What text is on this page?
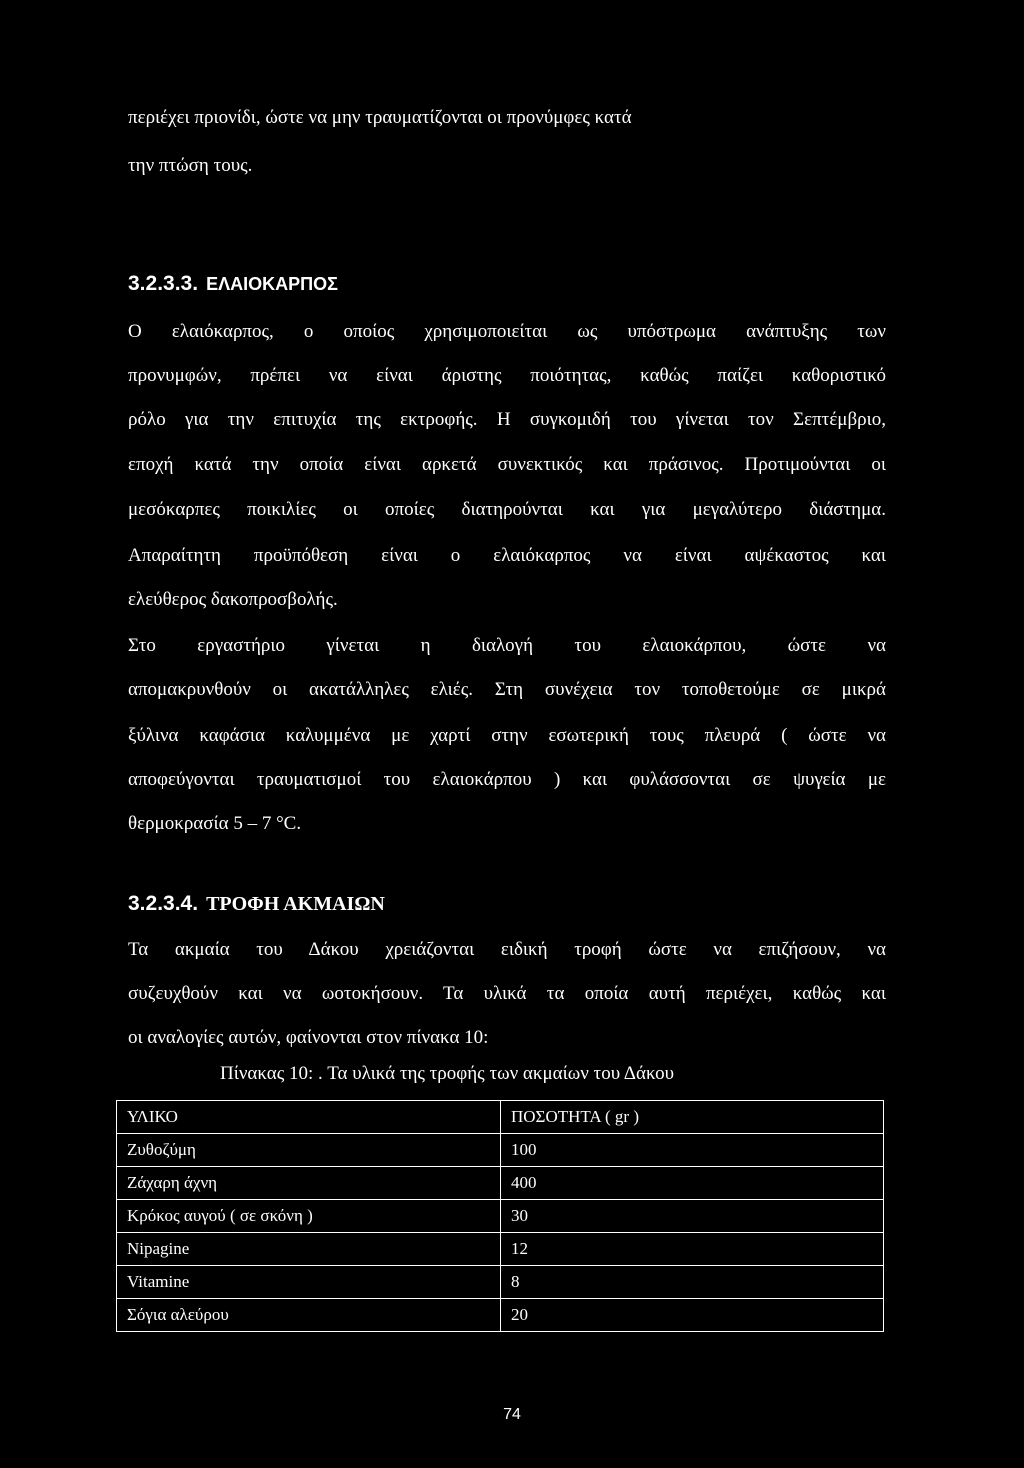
περιέχει πριονίδι, ώστε να μην τραυματίζονται οι προνύμφες κατά
την πτώση τους.
3.2.3.3. ΕΛΑΙΟΚΑΡΠΟΣ
Ο ελαιόκαρπος, ο οποίος χρησιμοποιείται ως υπόστρωμα ανάπτυξης των
προνυμφών, πρέπει να είναι άριστης ποιότητας, καθώς παίζει καθοριστικό
ρόλο για την επιτυχία της εκτροφής. Η συγκομιδή του γίνεται τον Σεπτέμβριο,
εποχή κατά την οποία είναι αρκετά συνεκτικός και πράσινος. Προτιμούνται οι
μεσόκαρπες ποικιλίες οι οποίες διατηρούνται και για μεγαλύτερο διάστημα.
Απαραίτητη προϋπόθεση είναι ο ελαιόκαρπος να είναι αψέκαστος και
ελεύθερος δακοπροσβολής.
Στο εργαστήριο γίνεται η διαλογή του ελαιοκάρπου, ώστε να
απομακρυνθούν οι ακατάλληλες ελιές. Στη συνέχεια τον τοποθετούμε σε μικρά
ξύλινα καφάσια καλυμμένα με χαρτί στην εσωτερική τους πλευρά ( ώστε να
αποφεύγονται τραυματισμοί του ελαιοκάρπου ) και φυλάσσονται σε ψυγεία με
θερμοκρασία 5 – 7 °C.
3.2.3.4. ΤΡΟΦΗ ΑΚΜΑΙΩΝ
Τα ακμαία του Δάκου χρειάζονται ειδική τροφή ώστε να επιζήσουν, να
συζευχθούν και να ωοτοκήσουν. Τα υλικά τα οποία αυτή περιέχει, καθώς και
οι αναλογίες αυτών, φαίνονται στον πίνακα 10:
Πίνακας 10: . Τα υλικά της τροφής των ακμαίων του Δάκου
ΥΛΙΚΟ	ΠΟΣΟΤΗΤΑ ( gr )
Ζυθοζύμη	100
Ζάχαρη άχνη	400
Κρόκος αυγού ( σε σκόνη )	30
Nipagine	12
Vitamine	8
Σόγια αλεύρου	20
74
